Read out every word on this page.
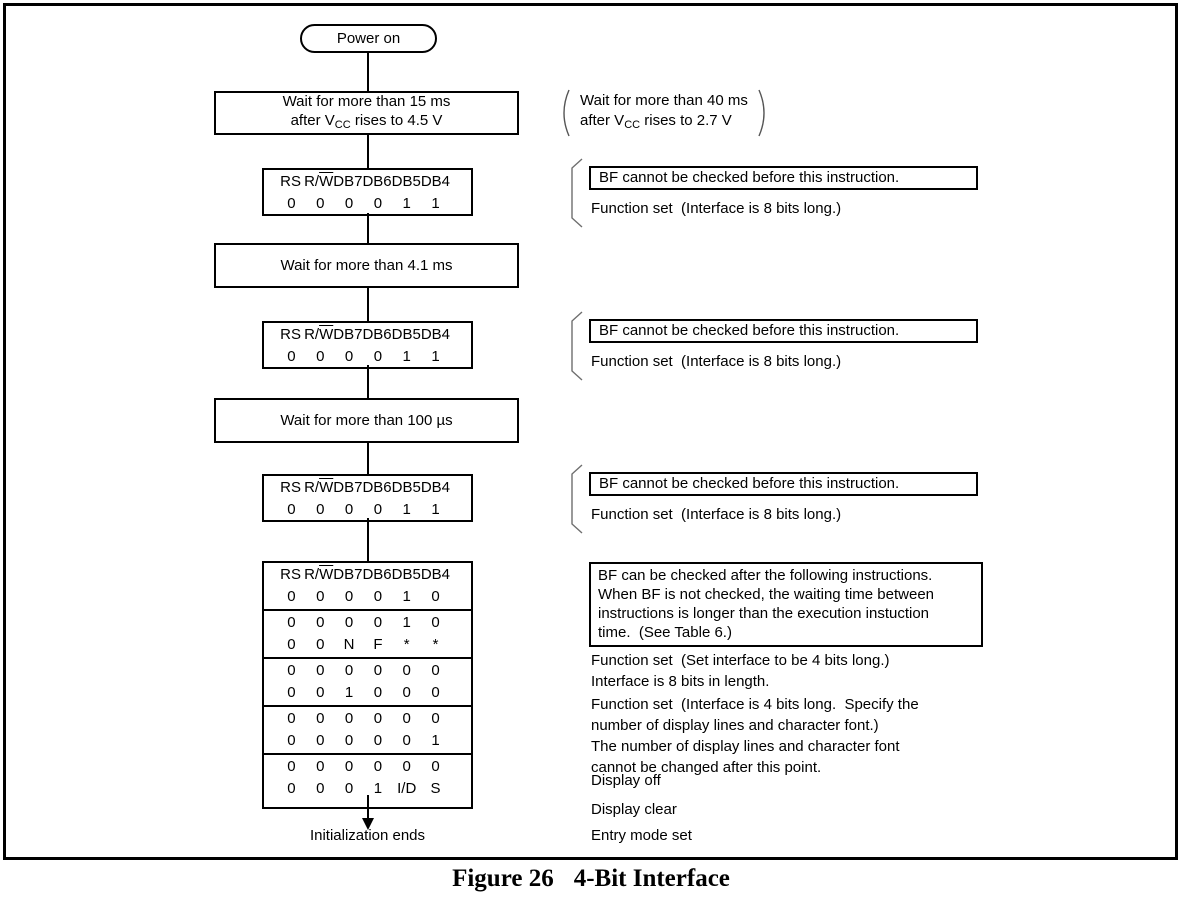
Power on
Wait for more than 15 ms
after $V_{CC}$ rises to 4.5 V
RS $R/\overline{W}$ DB7 DB6 DB5 DB4
0	0	0	0	1	1
Wait for more than 4.1 ms
RS $R/\overline{W}$ DB7 DB6 DB5 DB4
0	0	0	0	1	1
Wait for more than 100 µs
RS $R/\overline{W}$ DB7 DB6 DB5 DB4
0	0	0	0	1	1
RS $R/\overline{W}$ DB7 DB6 DB5 DB4
0	0	0	0	1	0
0	0	0	0	1	0
0	0	N	F	*	*
0	0	0	0	0	0
0	0	1	0	0	0
0	0	0	0	0	0
0	0	0	0	0	1
0	0	0	0	0	0
0	0	0	1	I/D S
Initialization ends
Wait for more than 40 ms
after $V_{CC}$ rises to 2.7 V
BF cannot be checked before this instruction.
Function set  (Interface is 8 bits long.)
BF cannot be checked before this instruction.
Function set  (Interface is 8 bits long.)
BF cannot be checked before this instruction.
Function set  (Interface is 8 bits long.)
BF can be checked after the following instructions.
When BF is not checked, the waiting time between
instructions is longer than the execution instuction
time.  (See Table 6.)
Function set  (Set interface to be 4 bits long.)
Interface is 8 bits in length.
Function set  (Interface is 4 bits long.  Specify the
number of display lines and character font.)
The number of display lines and character font
cannot be changed after this point.
Display off
Display clear
Entry mode set
Figure 26 4-Bit Interface
